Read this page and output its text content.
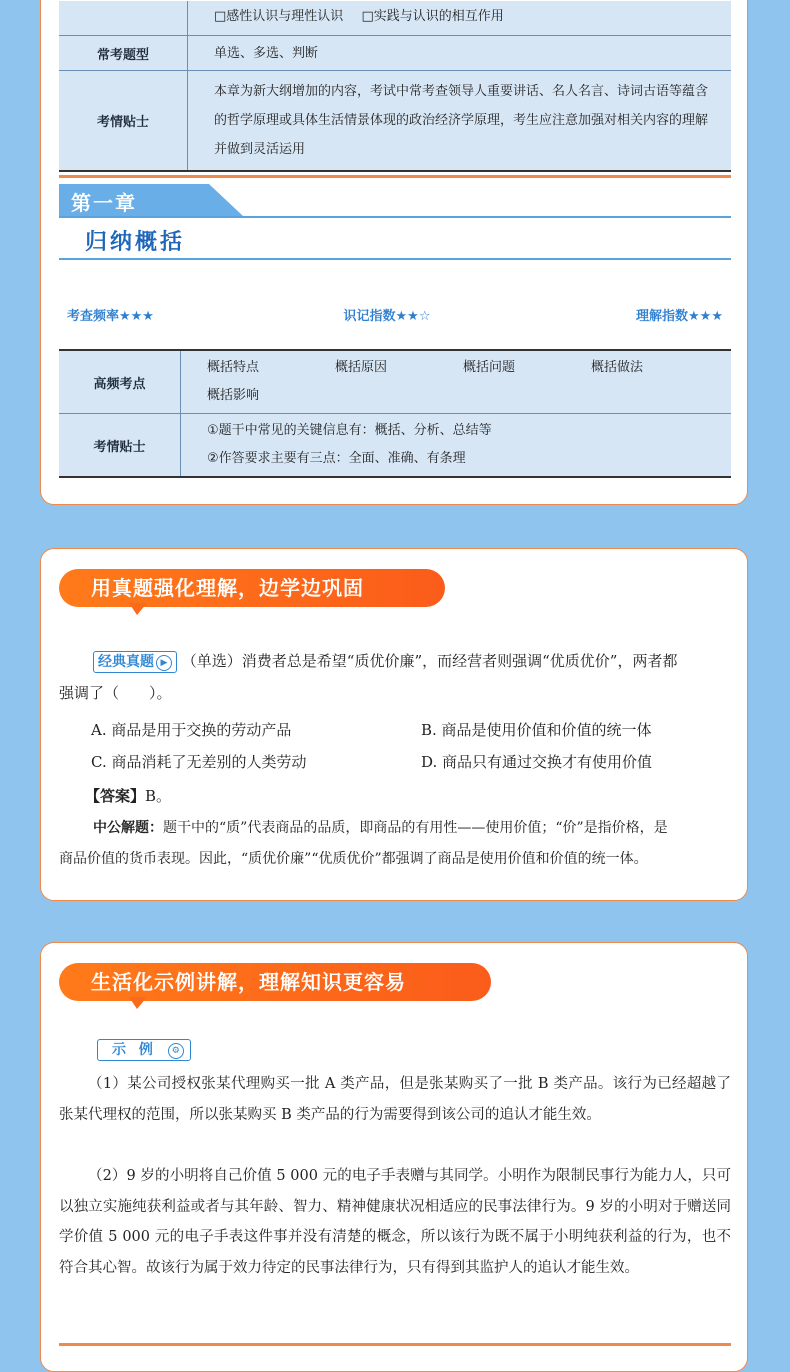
	□感性认识与理性认识 □实践与认识的相互作用
常考题型	单选、多选、判断
考情贴士	本章为新大纲增加的内容，考试中常考查领导人重要讲话、名人名言、诗词古语等蕴含的哲学原理或具体生活情景体现的政治经济学原理，考生应注意加强对相关内容的理解并做到灵活运用
第一章
归纳概括
考查频率★★★	识记指数★★☆	理解指数★★★
高频考点	概括特点 概括原因 概括问题 概括做法
概括影响

考情贴士	①题干中常见的关键信息有：概括、分析、总结等
②作答要求主要有三点：全面、准确、有条理
用真题强化理解，边学边巩固
经典真题 ▶ （单选）消费者总是希望“质优价廉”，而经营者则强调“优质优价”，两者都
强调了（　　）。
A. 商品是用于交换的劳动产品	B. 商品是使用价值和价值的统一体
C. 商品消耗了无差别的人类劳动	D. 商品只有通过交换才有使用价值
【答案】B。
中公解题：题干中的“质”代表商品的品质，即商品的有用性——使用价值；“价”是指价格，是
商品价值的货币表现。因此，“质优价廉”“优质优价”都强调了商品是使用价值和价值的统一体。
生活化示例讲解，理解知识更容易
示 例 ⚙
（1）某公司授权张某代理购买一批 A 类产品，但是张某购买了一批 B 类产品。该行为已经超越了张某代理权的范围，所以张某购买 B 类产品的行为需要得到该公司的追认才能生效。
（2）9 岁的小明将自己价值 5 000 元的电子手表赠与其同学。小明作为限制民事行为能力人，只可以独立实施纯获利益或者与其年龄、智力、精神健康状况相适应的民事法律行为。9 岁的小明对于赠送同学价值 5 000 元的电子手表这件事并没有清楚的概念，所以该行为既不属于小明纯获利益的行为，也不符合其心智。故该行为属于效力待定的民事法律行为，只有得到其监护人的追认才能生效。
